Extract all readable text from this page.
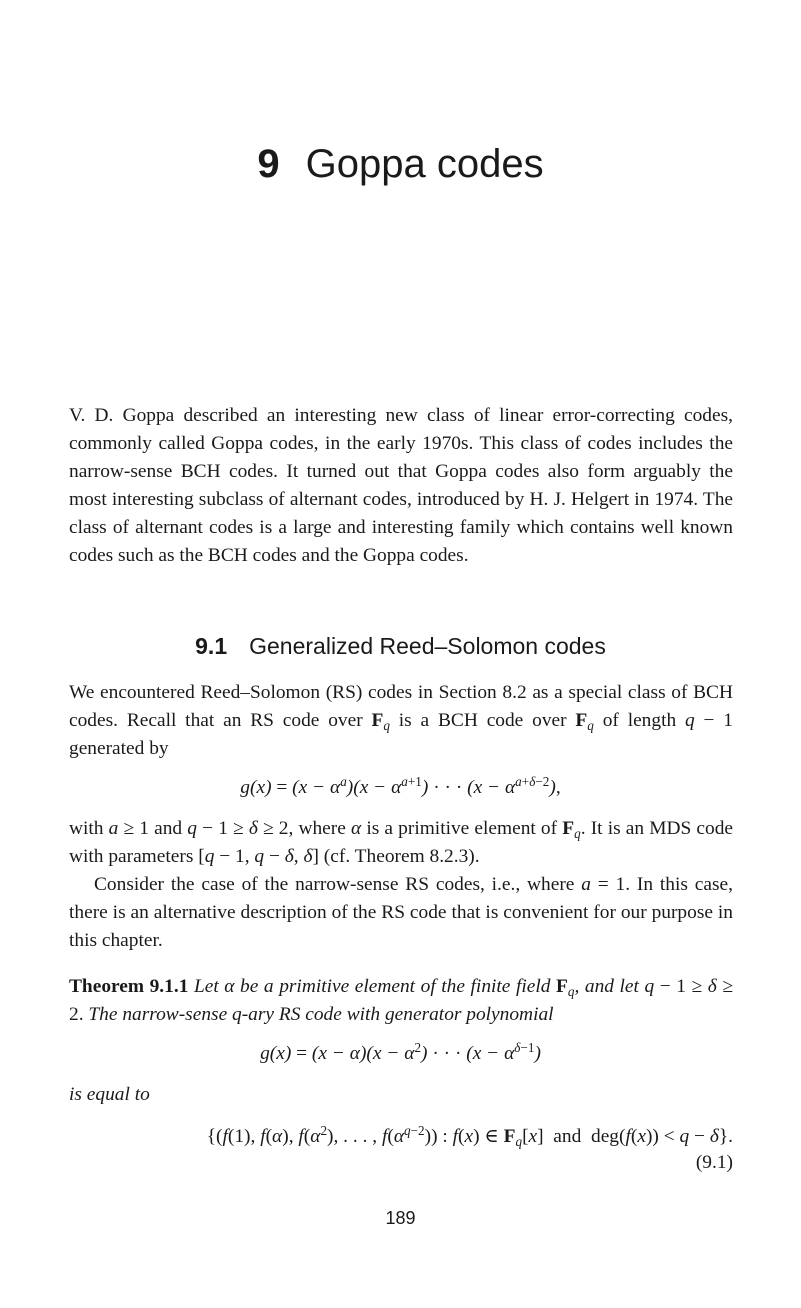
9 Goppa codes

V. D. Goppa described an interesting new class of linear error-correcting codes, commonly called Goppa codes, in the early 1970s. This class of codes includes the narrow-sense BCH codes. It turned out that Goppa codes also form arguably the most interesting subclass of alternant codes, introduced by H. J. Helgert in 1974. The class of alternant codes is a large and interesting family which contains well known codes such as the BCH codes and the Goppa codes.

9.1 Generalized Reed–Solomon codes

We encountered Reed–Solomon (RS) codes in Section 8.2 as a special class of BCH codes. Recall that an RS code over $F_q$ is a BCH code over $F_q$ of length q − 1 generated by

$g(x) = (x - \alpha^a)(x - \alpha^{a+1})$ · · · $(x - \alpha^{a+\delta-2})$,

with a ≥ 1 and q − 1 ≥ δ ≥ 2, where α is a primitive element of $F_q$. It is an MDS code with parameters [q − 1, q − δ, δ] (cf. Theorem 8.2.3).

Consider the case of the narrow-sense RS codes, i.e., where a = 1. In this case, there is an alternative description of the RS code that is convenient for our purpose in this chapter.

Theorem 9.1.1 Let α be a primitive element of the finite field $F_q$, and let q − 1 ≥ δ ≥ 2. The narrow-sense q-ary RS code with generator polynomial

$g(x) = (x - \alpha)(x - \alpha^2)$ · · · $(x - \alpha^{\delta-1})$

is equal to

{(f(1), f(α), $f(\alpha^2)$, . . . , $f(\alpha^{q-2})$) : f(x) ∈ $F_q[x]$  and  deg(f(x)) < q − δ}.
(9.1)
189
